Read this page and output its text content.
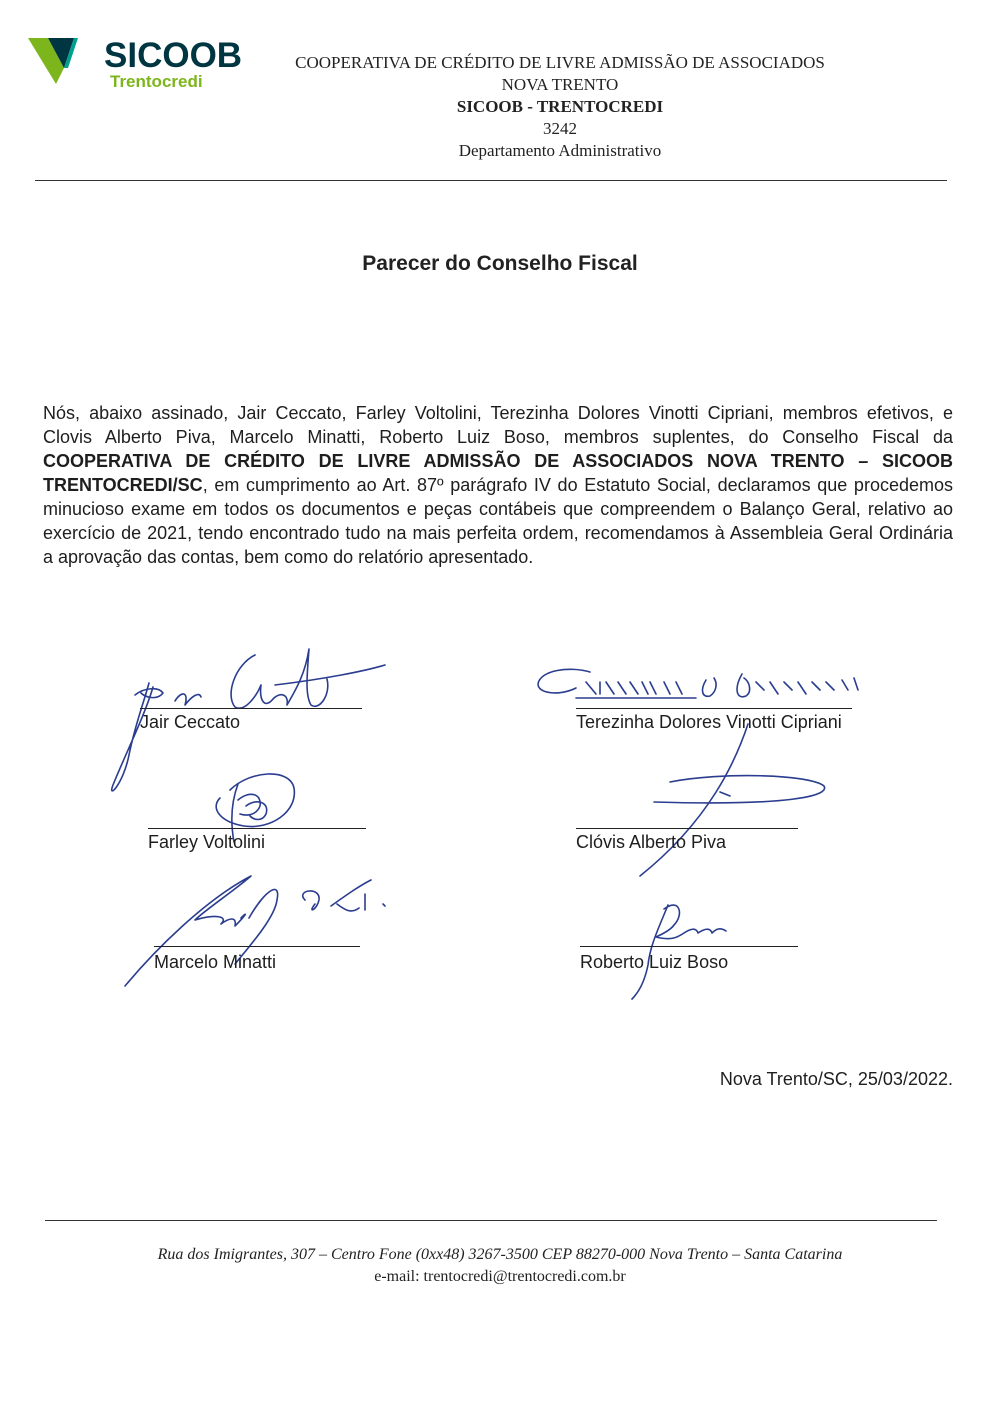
SICOOB
Trentocredi
COOPERATIVA DE CRÉDITO DE LIVRE ADMISSÃO DE ASSOCIADOS
NOVA TRENTO
SICOOB - TRENTOCREDI
3242
Departamento Administrativo
Parecer do Conselho Fiscal
Nós, abaixo assinado, Jair Ceccato, Farley Voltolini, Terezinha Dolores Vinotti Cipriani, membros efetivos, e Clovis Alberto Piva, Marcelo Minatti, Roberto Luiz Boso, membros suplentes, do Conselho Fiscal da COOPERATIVA DE CRÉDITO DE LIVRE ADMISSÃO DE ASSOCIADOS NOVA TRENTO – SICOOB TRENTOCREDI/SC, em cumprimento ao Art. 87º parágrafo IV do Estatuto Social, declaramos que procedemos minucioso exame em todos os documentos e peças contábeis que compreendem o Balanço Geral, relativo ao exercício de 2021, tendo encontrado tudo na mais perfeita ordem, recomendamos à Assembleia Geral Ordinária a aprovação das contas, bem como do relatório apresentado.
Jair Ceccato	Terezinha Dolores Vinotti Cipriani
Farley Voltolini	Clóvis Alberto Piva
Marcelo Minatti	Roberto Luiz Boso
Nova Trento/SC, 25/03/2022.
Rua dos Imigrantes, 307 – Centro Fone (0xx48) 3267-3500 CEP 88270-000 Nova Trento – Santa Catarina
e-mail: trentocredi@trentocredi.com.br
